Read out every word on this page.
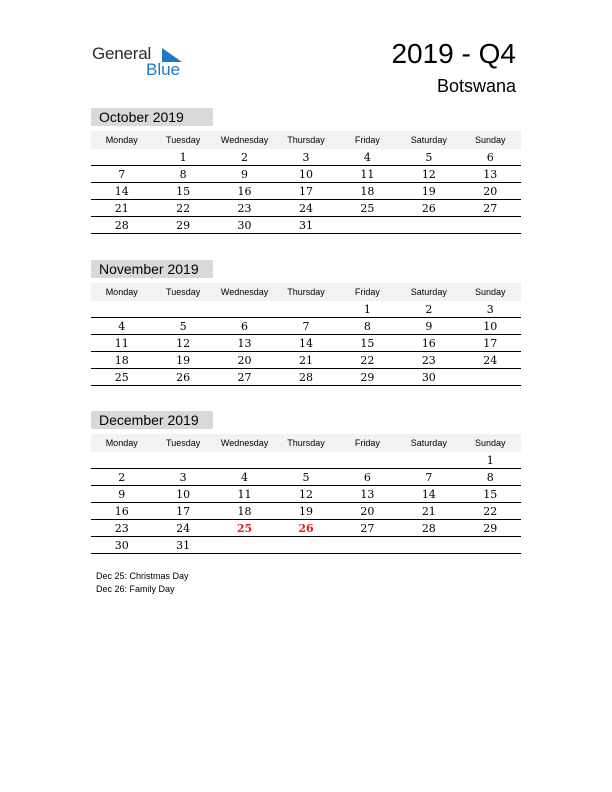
General
Blue
2019 - Q4
Botswana
October 2019
Monday	Tuesday	Wednesday	Thursday	Friday	Saturday	Sunday
	1	2	3	4	5	6
7	8	9	10	11	12	13
14	15	16	17	18	19	20
21	22	23	24	25	26	27
28	29	30	31			
November 2019
Monday	Tuesday	Wednesday	Thursday	Friday	Saturday	Sunday
				1	2	3
4	5	6	7	8	9	10
11	12	13	14	15	16	17
18	19	20	21	22	23	24
25	26	27	28	29	30	
December 2019
Monday	Tuesday	Wednesday	Thursday	Friday	Saturday	Sunday
						1
2	3	4	5	6	7	8
9	10	11	12	13	14	15
16	17	18	19	20	21	22
23	24	25	26	27	28	29
30	31					
Dec 25: Christmas Day
Dec 26: Family Day
